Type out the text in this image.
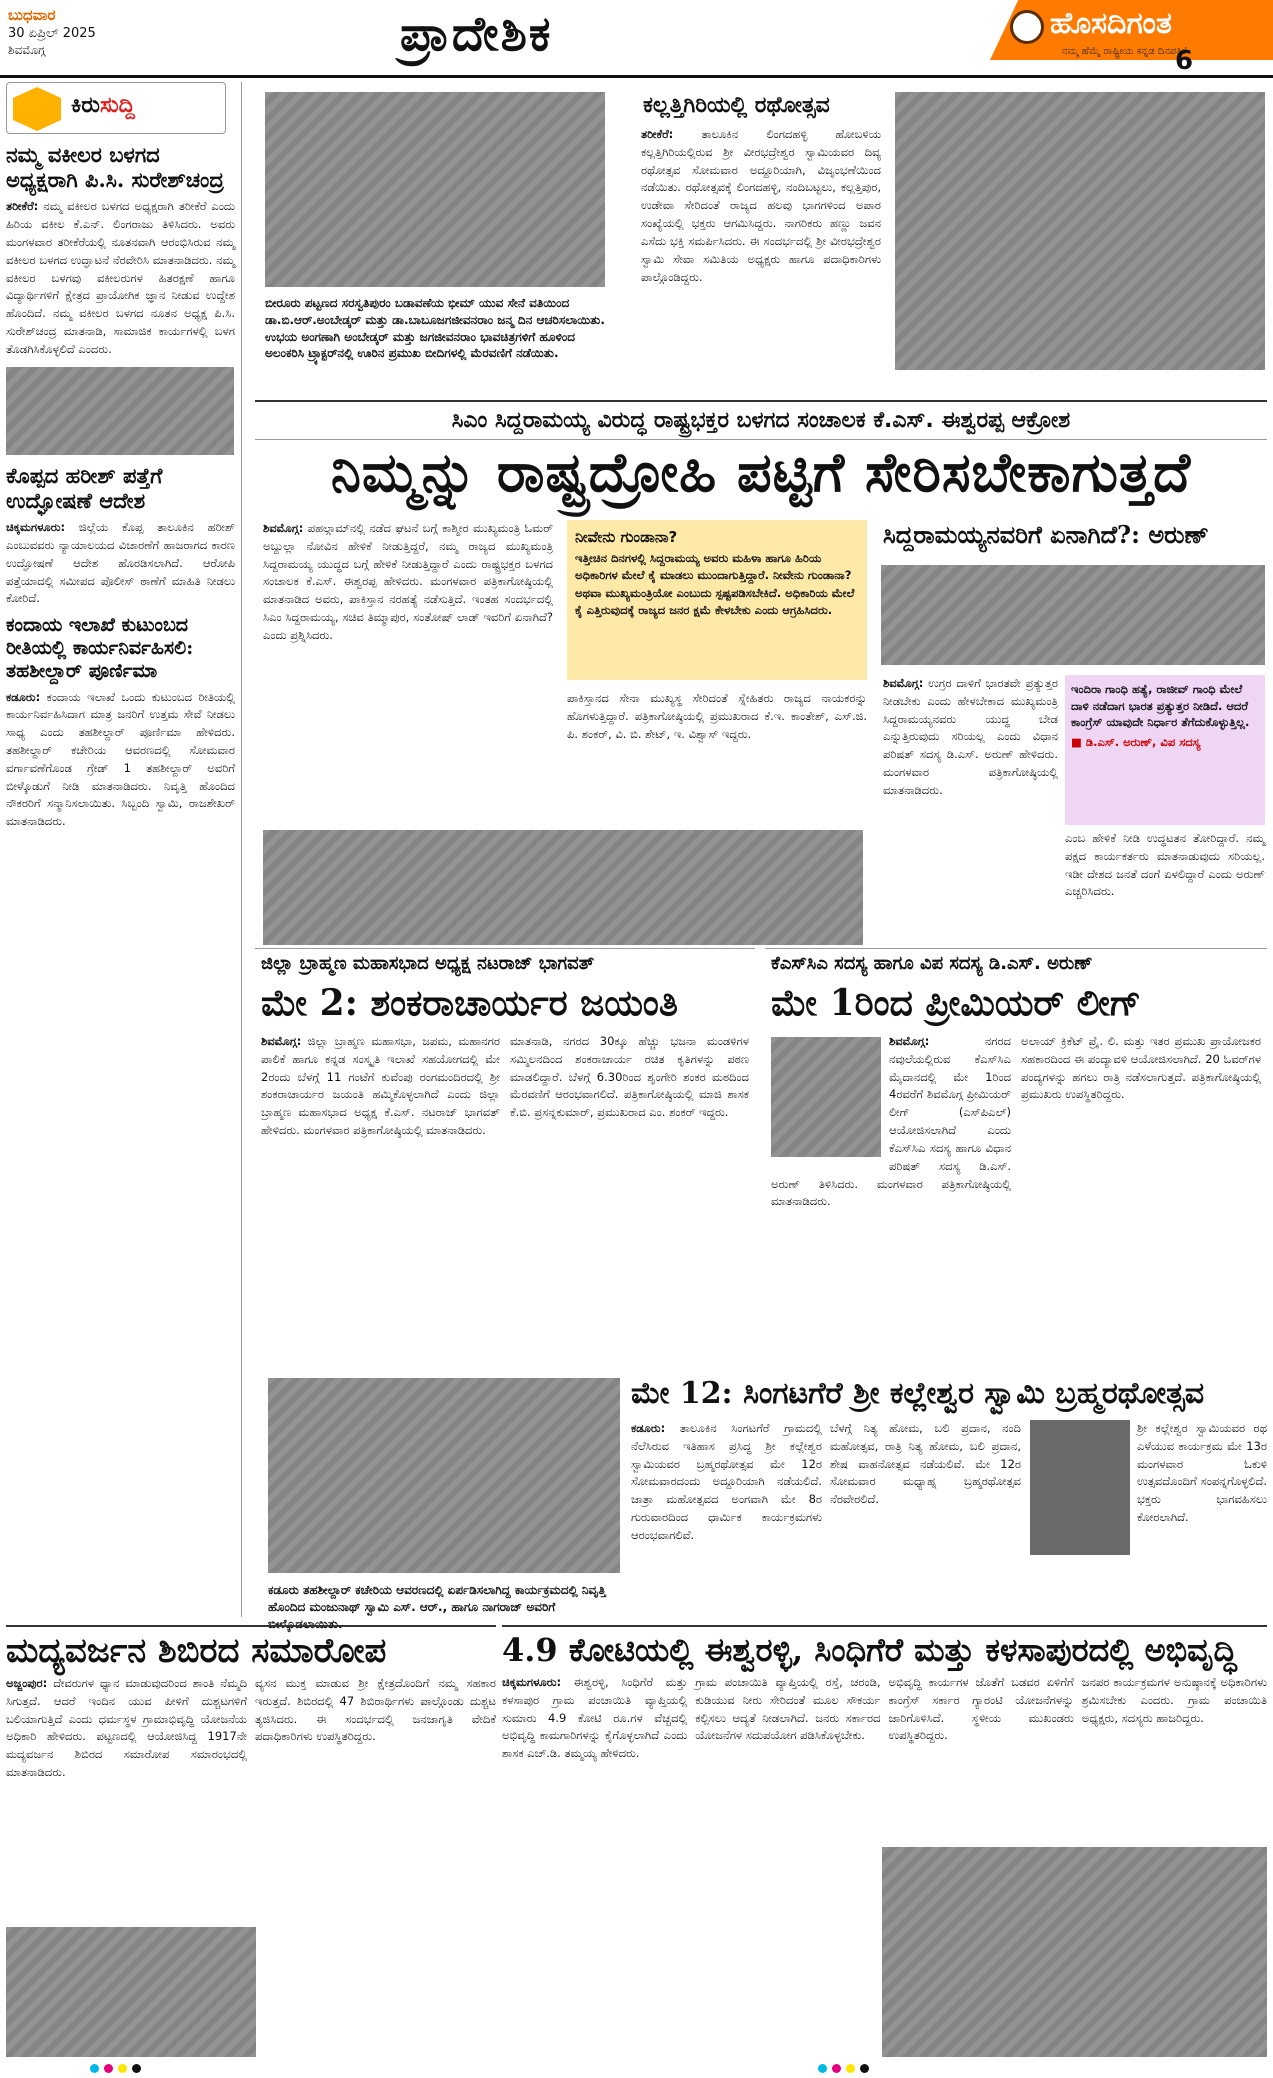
ಬುಧವಾರ
30 ಏಪ್ರಿಲ್ 2025
ಶಿವಮೊಗ್ಗ	ಪ್ರಾದೇಶಿಕ	ಹೊಸದಿಗಂತ
ನಮ್ಮ ಹೆಮ್ಮೆ ರಾಷ್ಟ್ರೀಯ ಕನ್ನಡ ದಿನಪತ್ರಿಕೆ
6
ಕಿರುಸುದ್ದಿ
ನಮ್ಮ ವಕೀಲರ ಬಳಗದ ಅಧ್ಯಕ್ಷರಾಗಿ ಪಿ.ಸಿ. ಸುರೇಶ್‌ಚಂದ್ರ

ತರೀಕೆರೆ: ನಮ್ಮ ವಕೀಲರ ಬಳಗದ ಅಧ್ಯಕ್ಷರಾಗಿ ತರೀಕೆರೆ ಎಂದು ಹಿರಿಯ ವಕೀಲ ಕೆ.ಎನ್. ಲಿಂಗರಾಜು ತಿಳಿಸಿದರು. ಅವರು ಮಂಗಳವಾರ ತರೀಕೆರೆಯಲ್ಲಿ ನೂತನವಾಗಿ ಆರಂಭಿಸಿರುವ ನಮ್ಮ ವಕೀಲರ ಬಳಗದ ಉದ್ಘಾಟನೆ ನೆರವೇರಿಸಿ ಮಾತನಾಡಿದರು. ನಮ್ಮ ವಕೀಲರ ಬಳಗವು ವಕೀಲರುಗಳ ಹಿತರಕ್ಷಣೆ ಹಾಗೂ ವಿದ್ಯಾರ್ಥಿಗಳಿಗೆ ಕ್ಷೇತ್ರದ ಪ್ರಾಯೋಗಿಕ ಜ್ಞಾನ ನೀಡುವ ಉದ್ದೇಶ ಹೊಂದಿದೆ. ನಮ್ಮ ವಕೀಲರ ಬಳಗದ ನೂತನ ಅಧ್ಯಕ್ಷ ಪಿ.ಸಿ. ಸುರೇಶ್‌ಚಂದ್ರ ಮಾತನಾಡಿ, ಸಾಮಾಜಿಕ ಕಾರ್ಯಗಳಲ್ಲಿ ಬಳಗ ತೊಡಗಿಸಿಕೊಳ್ಳಲಿದೆ ಎಂದರು.

ಕೊಪ್ಪದ ಹರೀಶ್ ಪತ್ತೆಗೆ ಉದ್ಘೋಷಣೆ ಆದೇಶ

ಚಿಕ್ಕಮಗಳೂರು: ಜಿಲ್ಲೆಯ ಕೊಪ್ಪ ತಾಲೂಕಿನ ಹರೀಶ್ ಎಂಬುವವರು ನ್ಯಾಯಾಲಯದ ವಿಚಾರಣೆಗೆ ಹಾಜರಾಗದ ಕಾರಣ ಉದ್ಘೋಷಣೆ ಆದೇಶ ಹೊರಡಿಸಲಾಗಿದೆ. ಆರೋಪಿ ಪತ್ತೆಯಾದಲ್ಲಿ ಸಮೀಪದ ಪೊಲೀಸ್ ಠಾಣೆಗೆ ಮಾಹಿತಿ ನೀಡಲು ಕೋರಿದೆ.

ಕಂದಾಯ ಇಲಾಖೆ ಕುಟುಂಬದ ರೀತಿಯಲ್ಲಿ ಕಾರ್ಯನಿರ್ವಹಿಸಲಿ: ತಹಶೀಲ್ದಾರ್ ಪೂರ್ಣಿಮಾ

ಕಡೂರು: ಕಂದಾಯ ಇಲಾಖೆ ಒಂದು ಕುಟುಂಬದ ರೀತಿಯಲ್ಲಿ ಕಾರ್ಯನಿರ್ವಹಿಸಿದಾಗ ಮಾತ್ರ ಜನರಿಗೆ ಉತ್ತಮ ಸೇವೆ ನೀಡಲು ಸಾಧ್ಯ ಎಂದು ತಹಶೀಲ್ದಾರ್ ಪೂರ್ಣಿಮಾ ಹೇಳಿದರು. ತಹಶೀಲ್ದಾರ್ ಕಚೇರಿಯ ಆವರಣದಲ್ಲಿ ಸೋಮವಾರ ವರ್ಗಾವಣೆಗೊಂಡ ಗ್ರೇಡ್ 1 ತಹಶೀಲ್ದಾರ್ ಅವರಿಗೆ ಬೀಳ್ಕೊಡುಗೆ ನೀಡಿ ಮಾತನಾಡಿದರು. ನಿವೃತ್ತಿ ಹೊಂದಿದ ನೌಕರರಿಗೆ ಸನ್ಮಾನಿಸಲಾಯಿತು. ಸಿಬ್ಬಂದಿ ಸ್ವಾಮಿ, ರಾಜಶೇಖರ್ ಮಾತನಾಡಿದರು.

ಬೀರೂರು ಪಟ್ಟಣದ ಸರಸ್ವತಿಪುರಂ ಬಡಾವಣೆಯ ಭೀಮ್ ಯುವ ಸೇನೆ ವತಿಯಿಂದ ಡಾ.ಬಿ.ಆರ್.ಅಂಬೇಡ್ಕರ್ ಮತ್ತು ಡಾ.ಬಾಬೂಜಗಜೀವನರಾಂ ಜನ್ಮ ದಿನ ಆಚರಿಸಲಾಯಿತು. ಉಭಯ ಅಂಗಣಾಗಿ ಅಂಬೇಡ್ಕರ್ ಮತ್ತು ಜಗಜೀವನರಾಂ ಭಾವಚಿತ್ರಗಳಿಗೆ ಹೂಳಿಂದ ಅಲಂಕರಿಸಿ ಟ್ರ್ಯಾಕ್ಟರ್‌ನಲ್ಲಿ ಊರಿನ ಪ್ರಮುಖ ಬೀದಿಗಳಲ್ಲಿ ಮೆರವಣಿಗೆ ನಡೆಯಿತು.
ಕಲ್ಲತ್ತಿಗಿರಿಯಲ್ಲಿ ರಥೋತ್ಸವ

ತರೀಕೆರೆ: ತಾಲೂಕಿನ ಲಿಂಗದಹಳ್ಳಿ ಹೋಬಳಿಯ ಕಲ್ಲತ್ತಿಗಿರಿಯಲ್ಲಿರುವ ಶ್ರೀ ವೀರಭದ್ರೇಶ್ವರ ಸ್ವಾಮಿಯವರ ದಿವ್ಯ ರಥೋತ್ಸವ ಸೋಮವಾರ ಅದ್ದೂರಿಯಾಗಿ, ವಿಜೃಂಭಣೆಯಿಂದ ನಡೆಯಿತು. ರಥೋತ್ಸವಕ್ಕೆ ಲಿಂಗದಹಳ್ಳಿ, ನಂದಿಬಟ್ಟಲು, ಕಲ್ಲತ್ತಿಪುರ, ಉಡೇವಾ ಸೇರಿದಂತೆ ರಾಜ್ಯದ ಹಲವು ಭಾಗಗಳಿಂದ ಅಪಾರ ಸಂಖ್ಯೆಯಲ್ಲಿ ಭಕ್ತರು ಆಗಮಿಸಿದ್ದರು. ನಾಗರಿಕರು ಹಣ್ಣು ಜವನ ಎಸೆದು ಭಕ್ತಿ ಸಮರ್ಪಿಸಿದರು. ಈ ಸಂದರ್ಭದಲ್ಲಿ ಶ್ರೀ ವೀರಭದ್ರೇಶ್ವರ ಸ್ವಾಮಿ ಸೇವಾ ಸಮಿತಿಯ ಅಧ್ಯಕ್ಷರು ಹಾಗೂ ಪದಾಧಿಕಾರಿಗಳು ಪಾಲ್ಗೊಂಡಿದ್ದರು.

ಸಿಎಂ ಸಿದ್ದರಾಮಯ್ಯ ವಿರುದ್ಧ ರಾಷ್ಟ್ರಭಕ್ತರ ಬಳಗದ ಸಂಚಾಲಕ ಕೆ.ಎಸ್. ಈಶ್ವರಪ್ಪ ಆಕ್ರೋಶ
ನಿಮ್ಮನ್ನು ರಾಷ್ಟ್ರದ್ರೋಹಿ ಪಟ್ಟಿಗೆ ಸೇರಿಸಬೇಕಾಗುತ್ತದೆ

ಶಿವಮೊಗ್ಗ: ಪಹಲ್ಗಾಮ್‌ನಲ್ಲಿ ನಡೆದ ಘಟನೆ ಬಗ್ಗೆ ಕಾಶ್ಮೀರ ಮುಖ್ಯಮಂತ್ರಿ ಓಮರ್ ಅಬ್ದುಲ್ಲಾ ನೋವಿನ ಹೇಳಿಕೆ ನೀಡುತ್ತಿದ್ದರೆ, ನಮ್ಮ ರಾಜ್ಯದ ಮುಖ್ಯಮಂತ್ರಿ ಸಿದ್ದರಾಮಯ್ಯ ಯುದ್ಧದ ಬಗ್ಗೆ ಹೇಳಿಕೆ ನೀಡುತ್ತಿದ್ದಾರೆ ಎಂದು ರಾಷ್ಟ್ರಭಕ್ತರ ಬಳಗದ ಸಂಚಾಲಕ ಕೆ.ಎಸ್. ಈಶ್ವರಪ್ಪ ಹೇಳಿದರು. ಮಂಗಳವಾರ ಪತ್ರಿಕಾಗೋಷ್ಠಿಯಲ್ಲಿ ಮಾತನಾಡಿದ ಅವರು, ಪಾಕಿಸ್ತಾನ ನರಹತ್ಯೆ ನಡೆಸುತ್ತಿದೆ. ಇಂತಹ ಸಂದರ್ಭದಲ್ಲಿ ಸಿಎಂ ಸಿದ್ದರಾಮಯ್ಯ, ಸಚಿವ ತಿಮ್ಮಾಪುರ, ಸಂತೋಷ್ ಲಾಡ್ ಇವರಿಗೆ ಏನಾಗಿದೆ? ಎಂದು ಪ್ರಶ್ನಿಸಿದರು.

ನೀವೇನು ಗುಂಡಾನಾ?
ಇತ್ತೀಚಿನ ದಿನಗಳಲ್ಲಿ ಸಿದ್ದರಾಮಯ್ಯ ಅವರು ಮಹಿಳಾ ಹಾಗೂ ಹಿರಿಯ ಅಧಿಕಾರಿಗಳ ಮೇಲೆ ಕೈ ಮಾಡಲು ಮುಂದಾಗುತ್ತಿದ್ದಾರೆ. ನೀವೇನು ಗುಂಡಾನಾ? ಅಥವಾ ಮುಖ್ಯಮಂತ್ರಿಯೋ ಎಂಬುದು ಸ್ಪಷ್ಟಪಡಿಸಬೇಕಿದೆ. ಅಧಿಕಾರಿಯ ಮೇಲೆ ಕೈ ಎತ್ತಿರುವುದಕ್ಕೆ ರಾಜ್ಯದ ಜನರ ಕ್ಷಮೆ ಕೇಳಬೇಕು ಎಂದು ಆಗ್ರಹಿಸಿದರು.

ಪಾಕಿಸ್ತಾನದ ಸೇನಾ ಮುಖ್ಯಸ್ಥ ಸೇರಿದಂತೆ ಸ್ನೇಹಿತರು ರಾಜ್ಯದ ನಾಯಕರನ್ನು ಹೊಗಳುತ್ತಿದ್ದಾರೆ. ಪತ್ರಿಕಾಗೋಷ್ಠಿಯಲ್ಲಿ ಪ್ರಮುಖರಾದ ಕೆ.ಇ. ಕಾಂತೇಶ್, ಎಸ್.ಜಿ. ಪಿ. ಶಂಕರ್, ವಿ. ಬಿ. ಶೇಟ್, ಇ. ವಿಶ್ವಾಸ್ ಇದ್ದರು.

ಸಿದ್ದರಾಮಯ್ಯನವರಿಗೆ ಏನಾಗಿದೆ?: ಅರುಣ್

ಶಿವಮೊಗ್ಗ: ಉಗ್ರರ ದಾಳಿಗೆ ಭಾರತವೇ ಪ್ರತ್ಯುತ್ತರ ನೀಡಬೇಕು ಎಂದು ಹೇಳಬೇಕಾದ ಮುಖ್ಯಮಂತ್ರಿ ಸಿದ್ದರಾಮಯ್ಯನವರು ಯುದ್ಧ ಬೇಡ ಎನ್ನುತ್ತಿರುವುದು ಸರಿಯಲ್ಲ ಎಂದು ವಿಧಾನ ಪರಿಷತ್ ಸದಸ್ಯ ಡಿ.ಎಸ್. ಅರುಣ್ ಹೇಳಿದರು. ಮಂಗಳವಾರ ಪತ್ರಿಕಾಗೋಷ್ಠಿಯಲ್ಲಿ ಮಾತನಾಡಿದರು.

ಇಂದಿರಾ ಗಾಂಧಿ ಹತ್ಯೆ, ರಾಜೀವ್ ಗಾಂಧಿ ಮೇಲೆ ದಾಳಿ ನಡೆದಾಗ ಭಾರತ ಪ್ರತ್ಯುತ್ತರ ನೀಡಿದೆ. ಆದರೆ ಕಾಂಗ್ರೆಸ್ ಯಾವುದೇ ನಿರ್ಧಾರ ತೆಗೆದುಕೊಳ್ಳುತ್ತಿಲ್ಲ.
■ ಡಿ.ಎಸ್. ಅರುಣ್, ವಿಪ ಸದಸ್ಯ

ಎಂಬ ಹೇಳಿಕೆ ನೀಡಿ ಉದ್ಧಟತನ ತೋರಿದ್ದಾರೆ. ನಮ್ಮ ಪಕ್ಷದ ಕಾರ್ಯಕರ್ತರು ಮಾತನಾಡುವುದು ಸರಿಯಲ್ಲ. ಇಡೀ ದೇಶದ ಜನತೆ ದಂಗೆ ಏಳಲಿದ್ದಾರೆ ಎಂದು ಅರುಣ್ ಎಚ್ಚರಿಸಿದರು.

ಜಿಲ್ಲಾ ಬ್ರಾಹ್ಮಣ ಮಹಾಸಭಾದ ಅಧ್ಯಕ್ಷ ನಟರಾಜ್ ಭಾಗವತ್
ಮೇ 2: ಶಂಕರಾಚಾರ್ಯರ ಜಯಂತಿ

ಶಿವಮೊಗ್ಗ: ಜಿಲ್ಲಾ ಬ್ರಾಹ್ಮಣ ಮಹಾಸಭಾ, ಜಪಮ, ಮಹಾನಗರ ಪಾಲಿಕೆ ಹಾಗೂ ಕನ್ನಡ ಸಂಸ್ಕೃತಿ ಇಲಾಖೆ ಸಹಯೋಗದಲ್ಲಿ ಮೇ 2ರಂದು ಬೆಳಗ್ಗೆ 11 ಗಂಟೆಗೆ ಕುವೆಂಪು ರಂಗಮಂದಿರದಲ್ಲಿ ಶ್ರೀ ಶಂಕರಾಚಾರ್ಯರ ಜಯಂತಿ ಹಮ್ಮಿಕೊಳ್ಳಲಾಗಿದೆ ಎಂದು ಜಿಲ್ಲಾ ಬ್ರಾಹ್ಮಣ ಮಹಾಸಭಾದ ಅಧ್ಯಕ್ಷ ಕೆ.ಎಸ್. ನಟರಾಜ್ ಭಾಗವತ್ ಹೇಳಿದರು. ಮಂಗಳವಾರ ಪತ್ರಿಕಾಗೋಷ್ಠಿಯಲ್ಲಿ ಮಾತನಾಡಿದರು.

ಮಾತನಾಡಿ, ನಗರದ 30ಕ್ಕೂ ಹೆಚ್ಚು ಭಜನಾ ಮಂಡಳಿಗಳ ಸಮ್ಮಿಲನದಿಂದ ಶಂಕರಾಚಾರ್ಯ ರಚಿತ ಕೃತಿಗಳನ್ನು ಪಠಣ ಮಾಡಲಿದ್ದಾರೆ. ಬೆಳಗ್ಗೆ 6.30ರಿಂದ ಶೃಂಗೇರಿ ಶಂಕರ ಮಠದಿಂದ ಮೆರವಣಿಗೆ ಆರಂಭವಾಗಲಿದೆ. ಪತ್ರಿಕಾಗೋಷ್ಠಿಯಲ್ಲಿ ಮಾಜಿ ಶಾಸಕ ಕೆ.ಬಿ. ಪ್ರಸನ್ನಕುಮಾರ್, ಪ್ರಮುಖರಾದ ಎಂ. ಶಂಕರ್ ಇದ್ದರು.

ಕೆಎಸ್‌ಸಿಎ ಸದಸ್ಯ ಹಾಗೂ ವಿಪ ಸದಸ್ಯ ಡಿ.ಎಸ್. ಅರುಣ್
ಮೇ 1ರಿಂದ ಪ್ರೀಮಿಯರ್ ಲೀಗ್

ಶಿವಮೊಗ್ಗ:	ನಗರದ ನವುಲೆಯಲ್ಲಿರುವ ಕೆಎಸ್‌ಸಿಎ ಮೈದಾನದಲ್ಲಿ ಮೇ 1ರಿಂದ 4ರವರೆಗೆ ಶಿವಮೊಗ್ಗ ಪ್ರೀಮಿಯರ್ ಲೀಗ್ (ಎಸ್‌ಪಿಎಲ್) ಆಯೋಜಿಸಲಾಗಿದೆ ಎಂದು ಕೆಎಸ್‌ಸಿಎ ಸದಸ್ಯ ಹಾಗೂ ವಿಧಾನ ಪರಿಷತ್ ಸದಸ್ಯ ಡಿ.ಎಸ್. ಅರುಣ್ ತಿಳಿಸಿದರು. ಮಂಗಳವಾರ ಪತ್ರಿಕಾಗೋಷ್ಠಿಯಲ್ಲಿ ಮಾತನಾಡಿದರು.

ಅಲಾಯ್ ಕ್ರಿಕೆಟ್ ಪ್ರೈ. ಲಿ. ಮತ್ತು ಇತರ ಪ್ರಮುಖ ಪ್ರಾಯೋಜಕರ ಸಹಕಾರದಿಂದ ಈ ಪಂದ್ಯಾವಳಿ ಆಯೋಜಿಸಲಾಗಿದೆ. 20 ಓವರ್‌ಗಳ ಪಂದ್ಯಗಳನ್ನು ಹಗಲು ರಾತ್ರಿ ನಡೆಸಲಾಗುತ್ತದೆ. ಪತ್ರಿಕಾಗೋಷ್ಠಿಯಲ್ಲಿ ಪ್ರಮುಖರು ಉಪಸ್ಥಿತರಿದ್ದರು.

ಕಡೂರು ತಹಶೀಲ್ದಾರ್ ಕಚೇರಿಯ ಆವರಣದಲ್ಲಿ ಏರ್ಪಡಿಸಲಾಗಿದ್ದ ಕಾರ್ಯಕ್ರಮದಲ್ಲಿ ನಿವೃತ್ತಿ ಹೊಂದಿದ ಮಂಜುನಾಥ್ ಸ್ವಾಮಿ ಎಸ್. ಆರ್., ಹಾಗೂ ನಾಗರಾಜ್ ಅವರಿಗೆ ಬೀಳ್ಕೊಡಲಾಯಿತು.
ಮೇ 12: ಸಿಂಗಟಗೆರೆ ಶ್ರೀ ಕಲ್ಲೇಶ್ವರ ಸ್ವಾಮಿ ಬ್ರಹ್ಮರಥೋತ್ಸವ

ಕಡೂರು: ತಾಲೂಕಿನ ಸಿಂಗಟಗೆರೆ ಗ್ರಾಮದಲ್ಲಿ ನೆಲೆಸಿರುವ ಇತಿಹಾಸ ಪ್ರಸಿದ್ಧ ಶ್ರೀ ಕಲ್ಲೇಶ್ವರ ಸ್ವಾಮಿಯವರ ಬ್ರಹ್ಮರಥೋತ್ಸವ ಮೇ 12ರ ಸೋಮವಾರದಂದು ಅದ್ದೂರಿಯಾಗಿ ನಡೆಯಲಿದೆ. ಜಾತ್ರಾ ಮಹೋತ್ಸವದ ಅಂಗವಾಗಿ ಮೇ 8ರ ಗುರುವಾರದಿಂದ ಧಾರ್ಮಿಕ ಕಾರ್ಯಕ್ರಮಗಳು ಆರಂಭವಾಗಲಿವೆ.

ಬೆಳಗ್ಗೆ ನಿತ್ಯ ಹೋಮ, ಬಲಿ ಪ್ರದಾನ, ನಂದಿ ಮಹೋತ್ಸವ, ರಾತ್ರಿ ನಿತ್ಯ ಹೋಮ, ಬಲಿ ಪ್ರದಾನ, ಶೇಷ ವಾಹನೋತ್ಸವ ನಡೆಯಲಿವೆ. ಮೇ 12ರ ಸೋಮವಾರ ಮಧ್ಯಾಹ್ನ ಬ್ರಹ್ಮರಥೋತ್ಸವ ನೆರವೇರಲಿದೆ.

ಶ್ರೀ ಕಲ್ಲೇಶ್ವರ ಸ್ವಾಮಿಯವರ ರಥ ಎಳೆಯುವ ಕಾರ್ಯಕ್ರಮ ಮೇ 13ರ ಮಂಗಳವಾರ ಓಕುಳಿ ಉತ್ಸವದೊಂದಿಗೆ ಸಂಪನ್ನಗೊಳ್ಳಲಿದೆ. ಭಕ್ತರು ಭಾಗವಹಿಸಲು ಕೋರಲಾಗಿದೆ.

ಮದ್ಯವರ್ಜನ ಶಿಬಿರದ ಸಮಾರೋಪ

ಅಜ್ಜಂಪುರ: ದೇವರುಗಳ ಧ್ಯಾನ ಮಾಡುವುದರಿಂದ ಶಾಂತಿ ನೆಮ್ಮದಿ ಸಿಗುತ್ತದೆ. ಆದರೆ ಇಂದಿನ ಯುವ ಪೀಳಿಗೆ ದುಶ್ಚಟಗಳಿಗೆ ಬಲಿಯಾಗುತ್ತಿದೆ ಎಂದು ಧರ್ಮಸ್ಥಳ ಗ್ರಾಮಾಭಿವೃದ್ಧಿ ಯೋಜನೆಯ ಅಧಿಕಾರಿ ಹೇಳಿದರು. ಪಟ್ಟಣದಲ್ಲಿ ಆಯೋಜಿಸಿದ್ದ 1917ನೇ ಮದ್ಯವರ್ಜನ ಶಿಬಿರದ ಸಮಾರೋಪ ಸಮಾರಂಭದಲ್ಲಿ ಮಾತನಾಡಿದರು.

ವ್ಯಸನ ಮುಕ್ತ ಮಾಡುವ ಶ್ರೀ ಕ್ಷೇತ್ರದೊಂದಿಗೆ ನಮ್ಮ ಸಹಕಾರ ಇರುತ್ತದೆ. ಶಿಬಿರದಲ್ಲಿ 47 ಶಿಬಿರಾರ್ಥಿಗಳು ಪಾಲ್ಗೊಂಡು ದುಶ್ಚಟ ತ್ಯಜಿಸಿದರು. ಈ ಸಂದರ್ಭದಲ್ಲಿ ಜನಜಾಗೃತಿ ವೇದಿಕೆ ಪದಾಧಿಕಾರಿಗಳು ಉಪಸ್ಥಿತರಿದ್ದರು.

4.9 ಕೋಟಿಯಲ್ಲಿ ಈಶ್ವರಳ್ಳಿ, ಸಿಂಧಿಗೆರೆ ಮತ್ತು ಕಳಸಾಪುರದಲ್ಲಿ ಅಭಿವೃದ್ಧಿ

ಚಿಕ್ಕಮಗಳೂರು: ಈಶ್ವರಳ್ಳಿ, ಸಿಂಧಿಗೆರೆ ಮತ್ತು ಕಳಸಾಪುರ ಗ್ರಾಮ ಪಂಚಾಯಿತಿ ವ್ಯಾಪ್ತಿಯಲ್ಲಿ ಸುಮಾರು 4.9 ಕೋಟಿ ರೂ.ಗಳ ವೆಚ್ಚದಲ್ಲಿ ಅಭಿವೃದ್ಧಿ ಕಾಮಗಾರಿಗಳನ್ನು ಕೈಗೊಳ್ಳಲಾಗಿದೆ ಎಂದು ಶಾಸಕ ಎಚ್.ಡಿ. ತಮ್ಮಯ್ಯ ಹೇಳಿದರು.

ಗ್ರಾಮ ಪಂಚಾಯಿತಿ ವ್ಯಾಪ್ತಿಯಲ್ಲಿ ರಸ್ತೆ, ಚರಂಡಿ, ಕುಡಿಯುವ ನೀರು ಸೇರಿದಂತೆ ಮೂಲ ಸೌಕರ್ಯ ಕಲ್ಪಿಸಲು ಆದ್ಯತೆ ನೀಡಲಾಗಿದೆ. ಜನರು ಸರ್ಕಾರದ ಯೋಜನೆಗಳ ಸದುಪಯೋಗ ಪಡಿಸಿಕೊಳ್ಳಬೇಕು.

ಅಭಿವೃದ್ಧಿ ಕಾರ್ಯಗಳ ಜೊತೆಗೆ ಬಡವರ ಏಳಿಗೆಗೆ ಕಾಂಗ್ರೆಸ್ ಸರ್ಕಾರ ಗ್ಯಾರಂಟಿ ಯೋಜನೆಗಳನ್ನು ಜಾರಿಗೊಳಿಸಿದೆ. ಸ್ಥಳೀಯ ಮುಖಂಡರು ಉಪಸ್ಥಿತರಿದ್ದರು.

ಜನಪರ ಕಾರ್ಯಕ್ರಮಗಳ ಅನುಷ್ಠಾನಕ್ಕೆ ಅಧಿಕಾರಿಗಳು ಶ್ರಮಿಸಬೇಕು ಎಂದರು. ಗ್ರಾಮ ಪಂಚಾಯಿತಿ ಅಧ್ಯಕ್ಷರು, ಸದಸ್ಯರು ಹಾಜರಿದ್ದರು.
